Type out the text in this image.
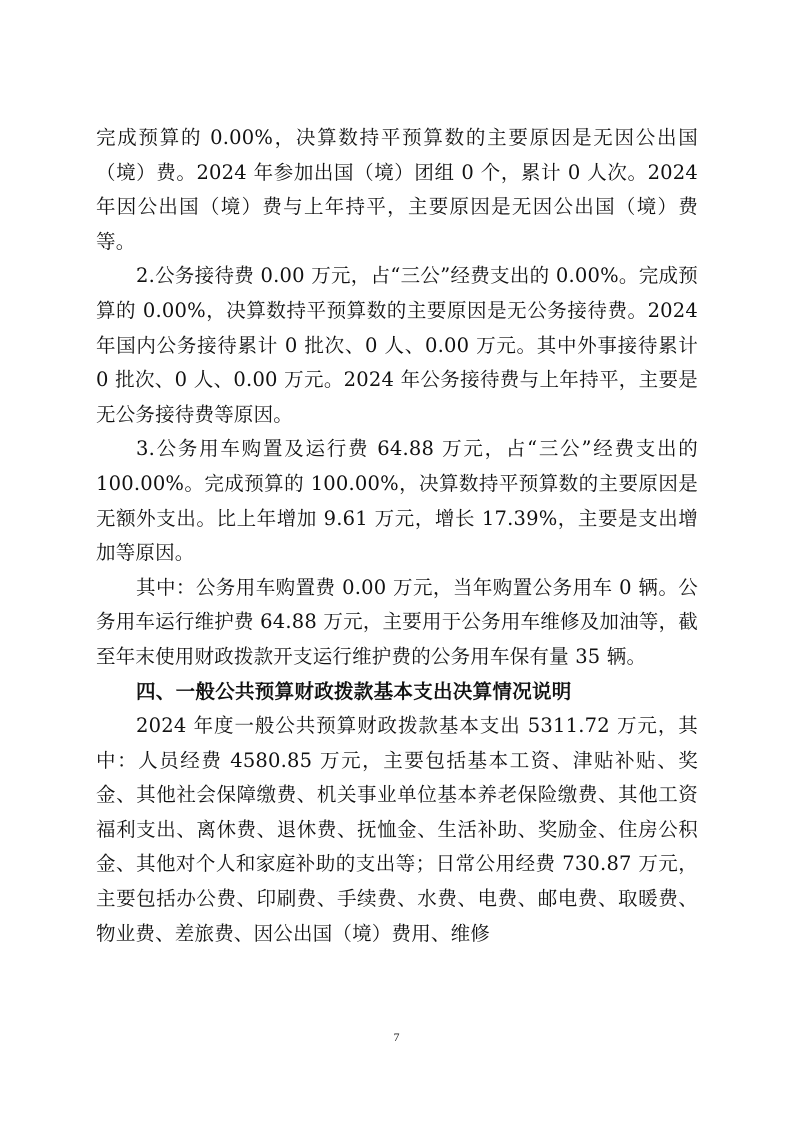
完成预算的 0.00%，决算数持平预算数的主要原因是无因公出国（境）费。2024 年参加出国（境）团组 0 个，累计 0 人次。2024 年因公出国（境）费与上年持平，主要原因是无因公出国（境）费等。

2.公务接待费 0.00 万元，占“三公”经费支出的 0.00%。完成预算的 0.00%，决算数持平预算数的主要原因是无公务接待费。2024 年国内公务接待累计 0 批次、0 人、0.00 万元。其中外事接待累计 0 批次、0 人、0.00 万元。2024 年公务接待费与上年持平，主要是无公务接待费等原因。

3.公务用车购置及运行费 64.88 万元，占“三公”经费支出的 100.00%。完成预算的 100.00%，决算数持平预算数的主要原因是无额外支出。比上年增加 9.61 万元，增长 17.39%，主要是支出增加等原因。

其中：公务用车购置费 0.00 万元，当年购置公务用车 0 辆。公务用车运行维护费 64.88 万元，主要用于公务用车维修及加油等，截至年末使用财政拨款开支运行维护费的公务用车保有量 35 辆。

四、一般公共预算财政拨款基本支出决算情况说明

2024 年度一般公共预算财政拨款基本支出 5311.72 万元，其中：人员经费 4580.85 万元，主要包括基本工资、津贴补贴、奖金、其他社会保障缴费、机关事业单位基本养老保险缴费、其他工资福利支出、离休费、退休费、抚恤金、生活补助、奖励金、住房公积金、其他对个人和家庭补助的支出等；日常公用经费 730.87 万元，主要包括办公费、印刷费、手续费、水费、电费、邮电费、取暖费、物业费、差旅费、因公出国（境）费用、维修

7
